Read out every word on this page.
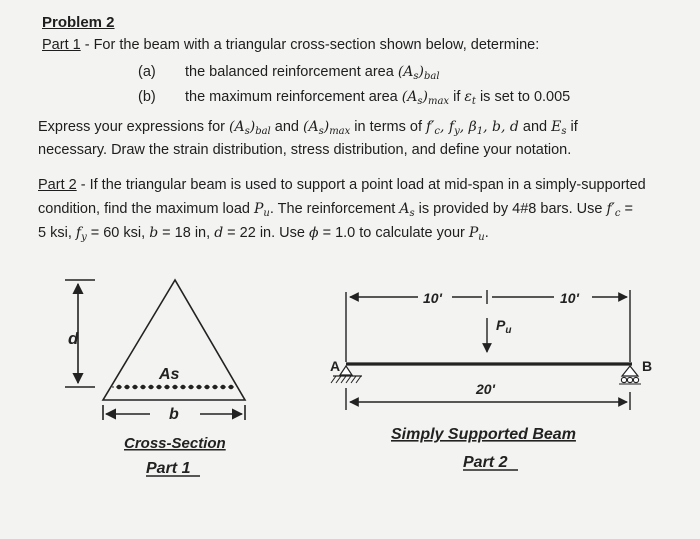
Problem 2
Part 1 - For the beam with a triangular cross-section shown below, determine:
(a) the balanced reinforcement area $(A_s)_{bal}$
(b) the maximum reinforcement area $(A_s)_{max}$ if $\varepsilon_t$ is set to 0.005
Express your expressions for $(A_s)_{bal}$ and $(A_s)_{max}$ in terms of $f'_c$, $f_y$, $\beta_1$, b, d and $E_s$ if
necessary. Draw the strain distribution, stress distribution, and define your notation.
Part 2 - If the triangular beam is used to support a point load at mid-span in a simply-supported
condition, find the maximum load $P_u$. The reinforcement $A_s$ is provided by 4#8 bars. Use $f'_c$ =
5 ksi, $f_y = 60$ ksi, b = 18 in, d = 22 in. Use ϕ = 1.0 to calculate your $P_u$.
d
As
b
Cross-Section
Part 1
10'	10'
$P_u$
A	B
20'
Simply Supported Beam
Part 2
